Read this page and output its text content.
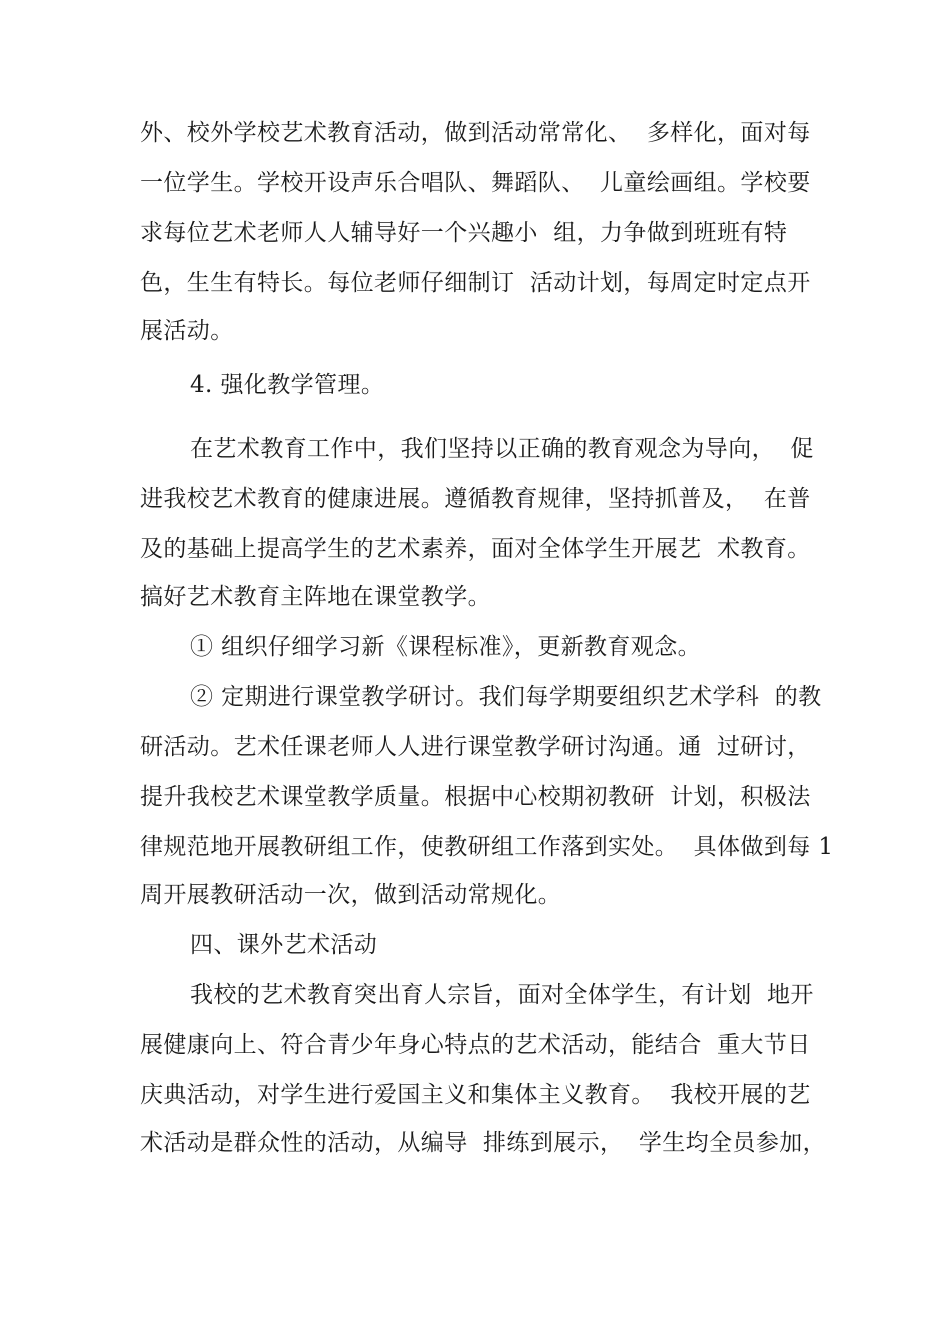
外、校外学校艺术教育活动，做到活动常常化、  多样化，面对每
一位学生。学校开设声乐合唱队、舞蹈队、  儿童绘画组。学校要
求每位艺术老师人人辅导好一个兴趣小  组，力争做到班班有特
色，生生有特长。每位老师仔细制订  活动计划，每周定时定点开
展活动。
4. 强化教学管理。
在艺术教育工作中，我们坚持以正确的教育观念为导向，  促
进我校艺术教育的健康进展。遵循教育规律，坚持抓普及，  在普
及的基础上提高学生的艺术素养，面对全体学生开展艺  术教育。
搞好艺术教育主阵地在课堂教学。
① 组织仔细学习新《课程标准》，更新教育观念。
② 定期进行课堂教学研讨。我们每学期要组织艺术学科  的教
研活动。艺术任课老师人人进行课堂教学研讨沟通。通  过研讨，
提升我校艺术课堂教学质量。根据中心校期初教研  计划，积极法
律规范地开展教研组工作，使教研组工作落到实处。  具体做到每 1
周开展教研活动一次，做到活动常规化。
四、课外艺术活动
我校的艺术教育突出育人宗旨，面对全体学生，有计划  地开
展健康向上、符合青少年身心特点的艺术活动，能结合  重大节日
庆典活动，对学生进行爱国主义和集体主义教育。  我校开展的艺
术活动是群众性的活动，从编导  排练到展示，  学生均全员参加，
